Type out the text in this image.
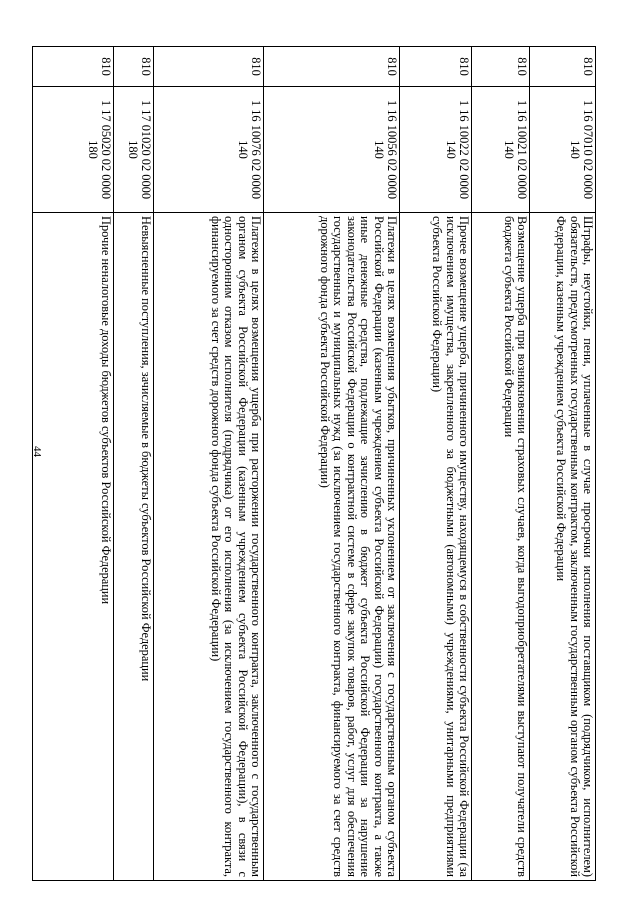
44
810	1 16 07010 02 0000 140	Штрафы, неустойки, пени, уплаченные в случае просрочки исполнения поставщиком (подрядчиком, исполнителем) обязательств, предусмотренных государственным контрактом, заключенным государственным органом субъекта Российской Федерации, казенным учреждением субъекта Российской Федерации
810	1 16 10021 02 0000 140	Возмещение ущерба при возникновении страховых случаев, когда выгодоприобретателями выступают получатели средств бюджета субъекта Российской Федерации
810	1 16 10022 02 0000 140	Прочее возмещение ущерба, причиненного имуществу, находящемуся в собственности субъекта Российской Федерации (за исключением имущества, закрепленного за бюджетными (автономными) учреждениями, унитарными предприятиями субъекта Российской Федерации)
810	1 16 10056 02 0000 140	Платежи в целях возмещения убытков, причиненных уклонением от заключения с государственным органом субъекта Российской Федерации (казенным учреждением субъекта Российской Федерации) государственного контракта, а также иные денежные средства, подлежащие зачислению в бюджет субъекта Российской Федерации за нарушение законодательства Российской Федерации о контрактной системе в сфере закупок товаров, работ, услуг для обеспечения государственных и муниципальных нужд (за исключением государственного контракта, финансируемого за счет средств дорожного фонда субъекта Российской Федерации)
810	1 16 10076 02 0000 140	Платежи в целях возмещения ущерба при расторжении государственного контракта, заключенного с государственным органом субъекта Российской Федерации (казенным учреждением субъекта Российской Федерации), в связи с односторонним отказом исполнителя (подрядчика) от его исполнения (за исключением государственного контракта, финансируемого за счет средств дорожного фонда субъекта Российской Федерации)
810	1 17 01020 02 0000 180	Невыясненные поступления, зачисляемые в бюджеты субъектов Российской Федерации
810	1 17 05020 02 0000 180	Прочие неналоговые доходы бюджетов субъектов Российской Федерации
